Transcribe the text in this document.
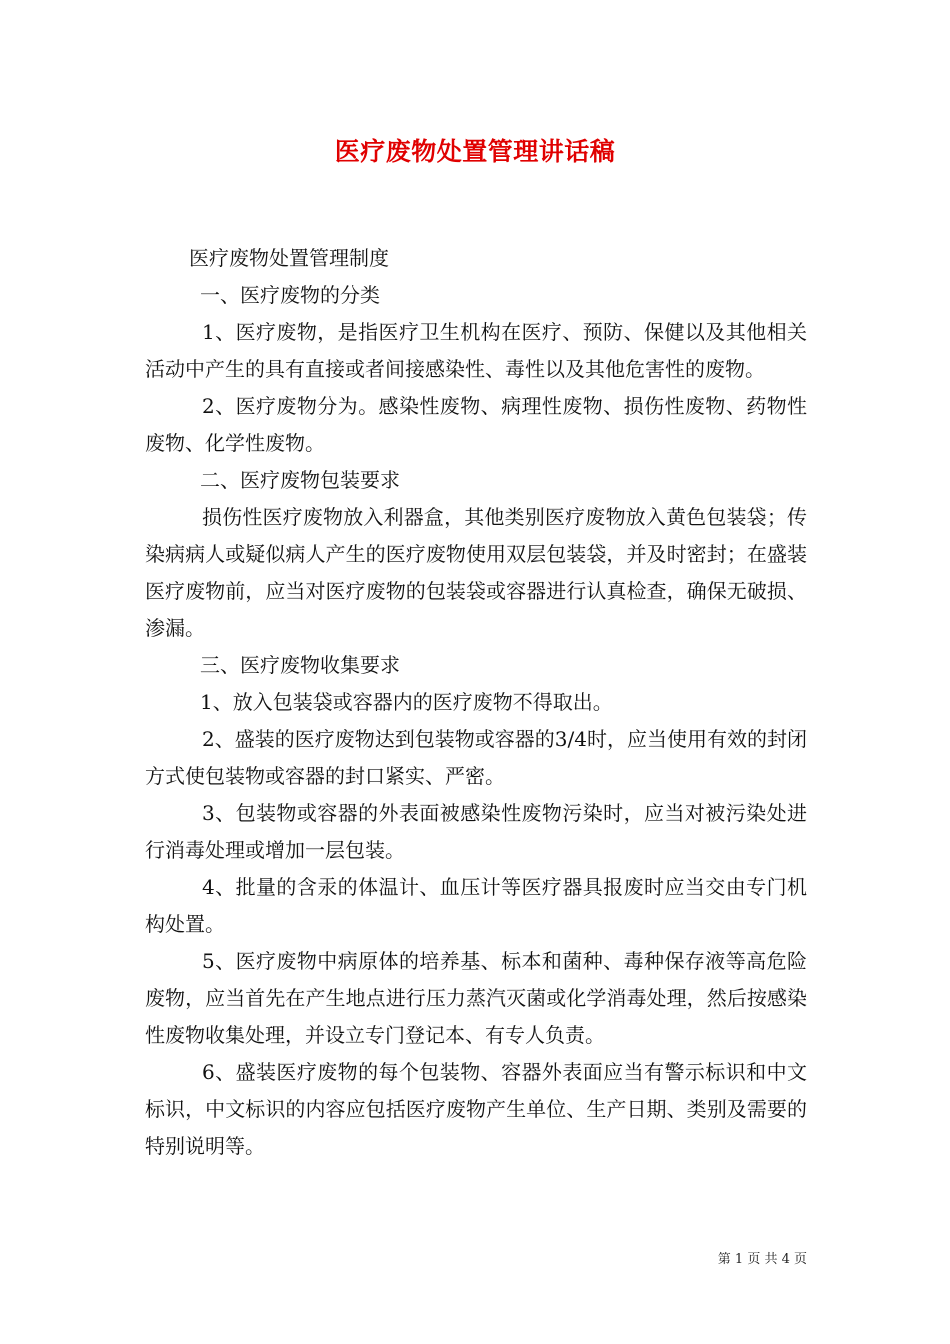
医疗废物处置管理讲话稿

医疗废物处置管理制度

一、医疗废物的分类

1、医疗废物，是指医疗卫生机构在医疗、预防、保健以及其他相关活动中产生的具有直接或者间接感染性、毒性以及其他危害性的废物。

2、医疗废物分为。感染性废物、病理性废物、损伤性废物、药物性废物、化学性废物。

二、医疗废物包装要求

损伤性医疗废物放入利器盒，其他类别医疗废物放入黄色包装袋；传染病病人或疑似病人产生的医疗废物使用双层包装袋，并及时密封；在盛装医疗废物前，应当对医疗废物的包装袋或容器进行认真检查，确保无破损、渗漏。

三、医疗废物收集要求

1、放入包装袋或容器内的医疗废物不得取出。

2、盛装的医疗废物达到包装物或容器的3/4时，应当使用有效的封闭方式使包装物或容器的封口紧实、严密。

3、包装物或容器的外表面被感染性废物污染时，应当对被污染处进行消毒处理或增加一层包装。

4、批量的含汞的体温计、血压计等医疗器具报废时应当交由专门机构处置。

5、医疗废物中病原体的培养基、标本和菌种、毒种保存液等高危险废物，应当首先在产生地点进行压力蒸汽灭菌或化学消毒处理，然后按感染性废物收集处理，并设立专门登记本、有专人负责。

6、盛装医疗废物的每个包装物、容器外表面应当有警示标识和中文标识，中文标识的内容应包括医疗废物产生单位、生产日期、类别及需要的特别说明等。

第 1 页 共 4 页
